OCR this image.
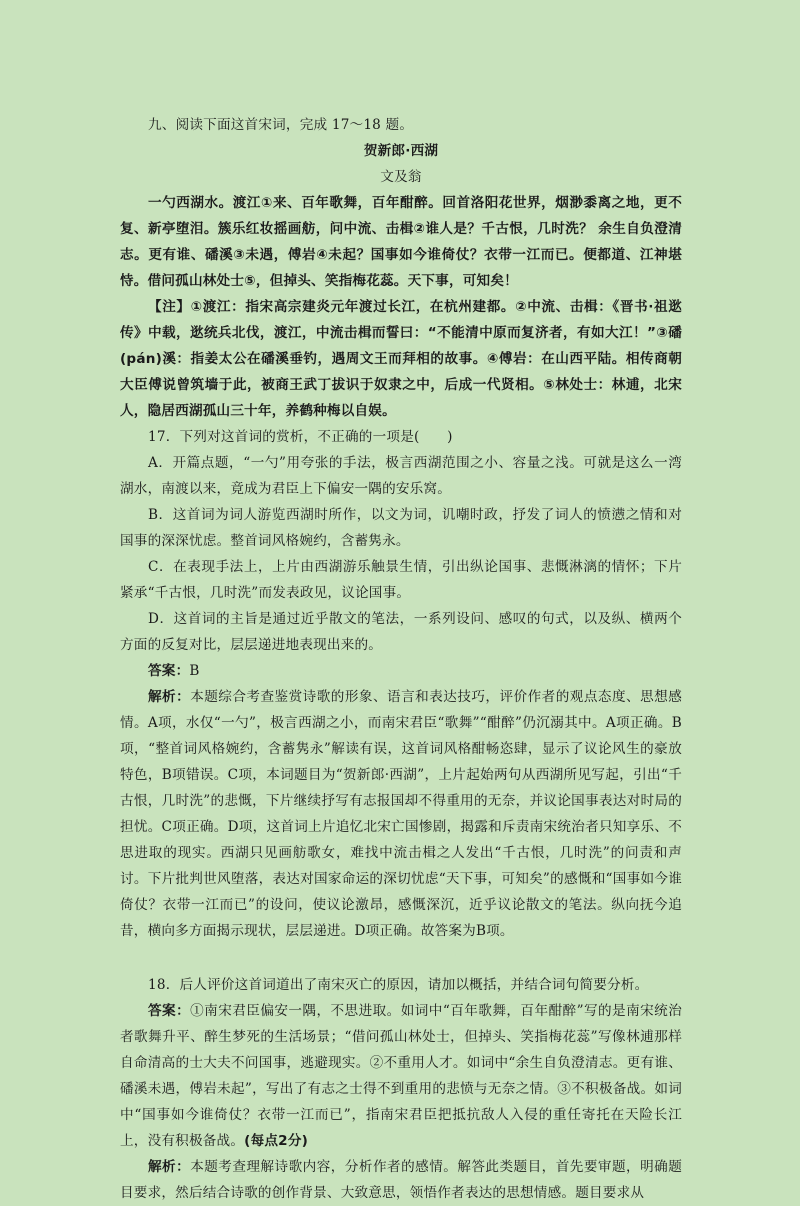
九、阅读下面这首宋词，完成 17～18 题。

贺新郎·西湖

文及翁

一勺西湖水。渡江①来、百年歌舞，百年酣醉。回首洛阳花世界，烟渺黍离之地，更不复、新亭堕泪。簇乐红妆摇画舫，问中流、击楫②谁人是？千古恨，几时洗？ 余生自负澄清志。更有谁、磻溪③未遇，傅岩④未起？国事如今谁倚仗？衣带一江而已。便都道、江神堪恃。借问孤山林处士⑤，但掉头、笑指梅花蕊。天下事，可知矣！

【注】①渡江：指宋高宗建炎元年渡过长江，在杭州建都。②中流、击楫：《晋书·祖逖传》中载，逖统兵北伐，渡江，中流击楫而誓曰：“不能清中原而复济者，有如大江！”③磻 (pán)溪：指姜太公在磻溪垂钓，遇周文王而拜相的故事。④傅岩：在山西平陆。相传商朝大臣傅说曾筑墙于此，被商王武丁拔识于奴隶之中，后成一代贤相。⑤林处士：林逋，北宋人，隐居西湖孤山三十年，养鹤种梅以自娱。

17．下列对这首词的赏析，不正确的一项是(　　)

A．开篇点题，“一勺”用夸张的手法，极言西湖范围之小、容量之浅。可就是这么一湾湖水，南渡以来，竟成为君臣上下偏安一隅的安乐窝。

B．这首词为词人游览西湖时所作，以文为词，讥嘲时政，抒发了词人的愤懑之情和对国事的深深忧虑。整首词风格婉约，含蓄隽永。

C．在表现手法上，上片由西湖游乐触景生情，引出纵论国事、悲慨淋漓的情怀；下片紧承“千古恨，几时洗”而发表政见，议论国事。

D．这首词的主旨是通过近乎散文的笔法，一系列设问、感叹的句式，以及纵、横两个方面的反复对比，层层递进地表现出来的。

答案：B

解析：本题综合考查鉴赏诗歌的形象、语言和表达技巧，评价作者的观点态度、思想感情。A项，水仅“一勺”，极言西湖之小，而南宋君臣“歌舞”“酣醉”仍沉溺其中。A项正确。B项，“整首词风格婉约，含蓄隽永”解读有误，这首词风格酣畅恣肆，显示了议论风生的豪放特色，B项错误。C项，本词题目为“贺新郎·西湖”，上片起始两句从西湖所见写起，引出“千古恨，几时洗”的悲慨，下片继续抒写有志报国却不得重用的无奈，并议论国事表达对时局的担忧。C项正确。D项，这首词上片追忆北宋亡国惨剧，揭露和斥责南宋统治者只知享乐、不思进取的现实。西湖只见画舫歌女，难找中流击楫之人发出“千古恨，几时洗”的问责和声讨。下片批判世风堕落，表达对国家命运的深切忧虑“天下事，可知矣”的感慨和“国事如今谁倚仗？衣带一江而已”的设问，使议论激昂，感慨深沉，近乎议论散文的笔法。纵向抚今追昔，横向多方面揭示现状，层层递进。D项正确。故答案为B项。

18．后人评价这首词道出了南宋灭亡的原因，请加以概括，并结合词句简要分析。

答案：①南宋君臣偏安一隅，不思进取。如词中“百年歌舞，百年酣醉”写的是南宋统治者歌舞升平、醉生梦死的生活场景；“借问孤山林处士，但掉头、笑指梅花蕊”写像林逋那样自命清高的士大夫不问国事，逃避现实。②不重用人才。如词中“余生自负澄清志。更有谁、磻溪未遇，傅岩未起”，写出了有志之士得不到重用的悲愤与无奈之情。③不积极备战。如词中“国事如今谁倚仗？衣带一江而已”，指南宋君臣把抵抗敌人入侵的重任寄托在天险长江上，没有积极备战。(每点2分)

解析：本题考查理解诗歌内容，分析作者的感情。解答此类题目，首先要审题，明确题目要求，然后结合诗歌的创作背景、大致意思，领悟作者表达的思想情感。题目要求从
